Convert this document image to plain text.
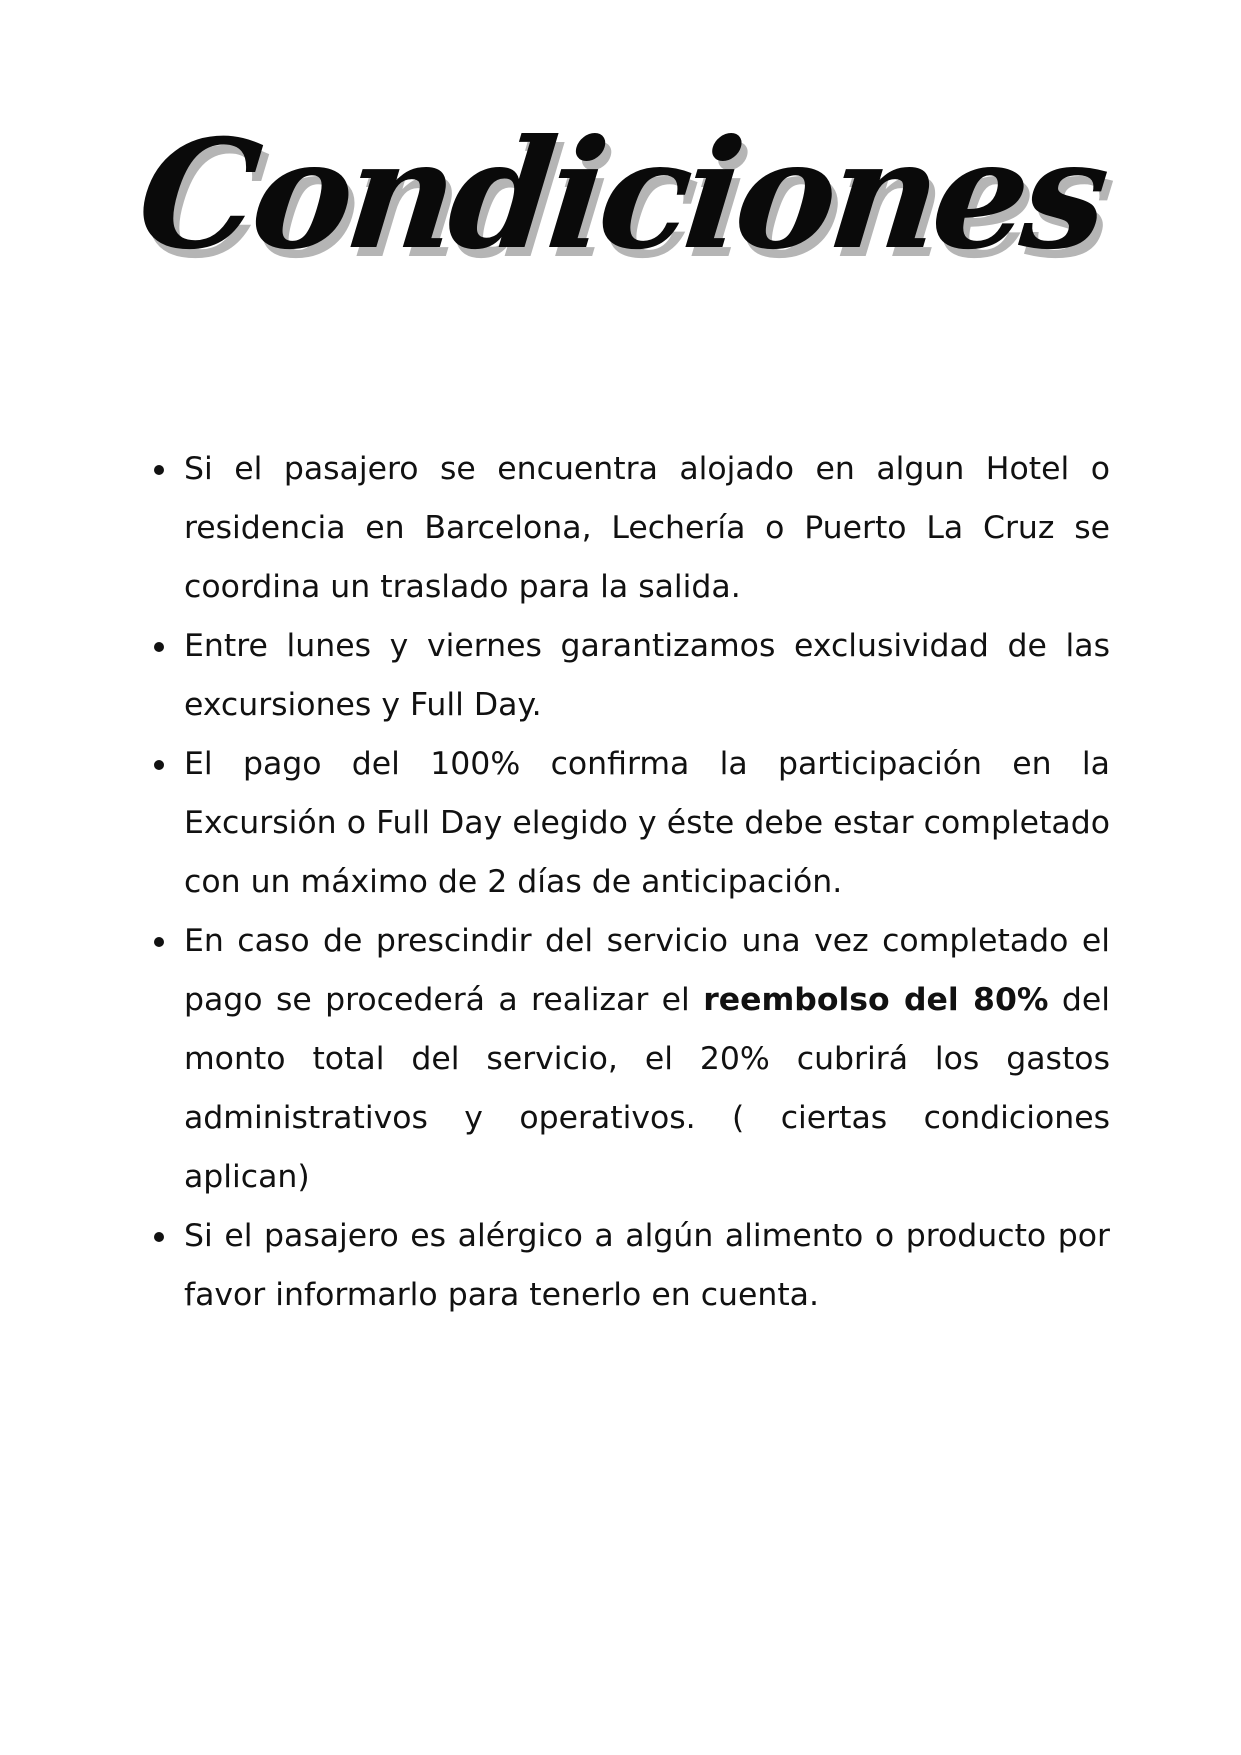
Condiciones
Si el pasajero se encuentra alojado en algun Hotel o residencia en Barcelona, Lechería o Puerto La Cruz se coordina un traslado para la salida.
Entre lunes y viernes garantizamos exclusividad de las excursiones y Full Day.
El pago del 100% confirma la participación en la Excursión o Full Day elegido y éste debe estar completado con un máximo de 2 días de anticipación.
En caso de prescindir del servicio una vez completado el pago se procederá a realizar el reembolso del 80% del monto total del servicio, el 20% cubrirá los gastos administrativos y operativos. ( ciertas condiciones aplican)
Si el pasajero es alérgico a algún alimento o producto por favor informarlo para tenerlo en cuenta.
